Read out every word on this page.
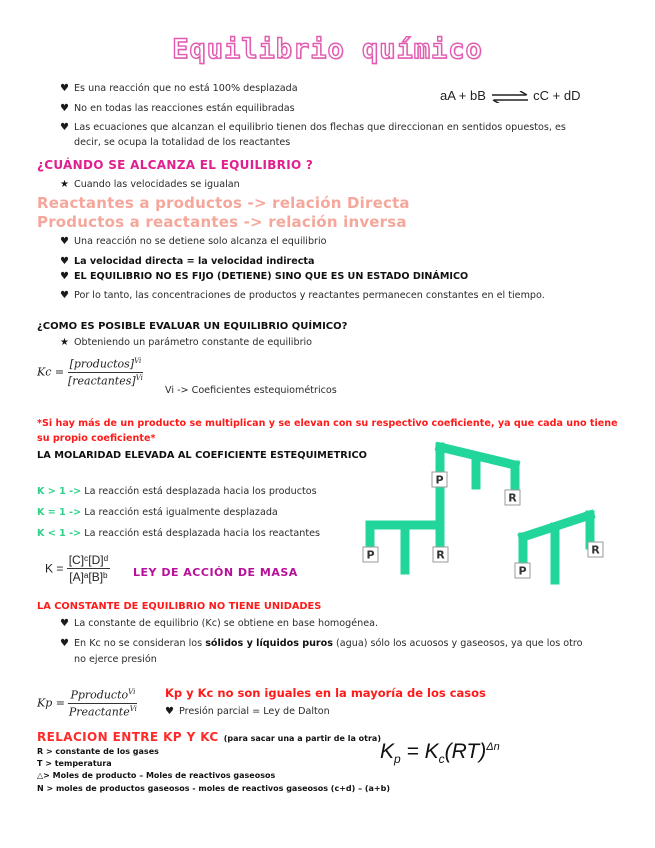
Equilibrio químico
♥ Es una reacción que no está 100% desplazada
♥ No en todas las reacciones están equilibradas
♥ Las ecuaciones que alcanzan el equilibrio tienen dos flechas que direccionan en sentidos opuestos, es
decir, se ocupa la totalidad de los reactantes
aA + bB ⇌ cC + dD
¿CUÁNDO SE ALCANZA EL EQUILIBRIO ?
★ Cuando las velocidades se igualan
Reactantes a productos -> relación Directa
Productos a reactantes -> relación inversa
♥ Una reacción no se detiene solo alcanza el equilibrio
♥ La velocidad directa = la velocidad indirecta
♥ EL EQUILIBRIO NO ES FIJO (DETIENE) SINO QUE ES UN ESTADO DINÁMICO
♥ Por lo tanto, las concentraciones de productos y reactantes permanecen constantes en el tiempo.
¿COMO ES POSIBLE EVALUAR UN EQUILIBRIO QUÍMICO?
★ Obteniendo un parámetro constante de equilibrio
$Kc = \frac{[productos]^{Vi}}{[reactantes]^{Vi}}$
Vi -> Coeficientes estequiométricos
*Si hay más de un producto se multiplican y se elevan con su respectivo coeficiente, ya que cada uno tiene
su propio coeficiente*
LA MOLARIDAD ELEVADA AL COEFICIENTE ESTEQUIMETRICO
K > 1 -> La reacción está desplazada hacia los productos
K = 1 -> La reacción está igualmente desplazada
K < 1 -> La reacción está desplazada hacia los reactantes
$K = \frac{\text{[C]ᶜ[D]ᵈ}}{\text{[A]ᵃ[B]ᵇ}}$ LEY DE ACCIÓN DE MASA
P
R
P	R
P
R
LA CONSTANTE DE EQUILIBRIO NO TIENE UNIDADES
♥ La constante de equilibrio (Kc) se obtiene en base homogénea.
♥ En Kc no se consideran los sólidos y líquidos puros (agua) sólo los acuosos y gaseosos, ya que los otro
no ejerce presión
$Kp = \frac{Pproducto^{Vi}}{Preactante^{Vi}}$ Kp y Kc no son iguales en la mayoría de los casos
♥ Presión parcial = Ley de Dalton
RELACION ENTRE KP Y KC (para sacar una a partir de la otra)
R > constante de los gases
T > temperatura
△> Moles de producto – Moles de reactivos gaseosos
N > moles de productos gaseosos - moles de reactivos gaseosos (c+d) – (a+b)
$K_p = K_c(RT)^{\Delta n}$
